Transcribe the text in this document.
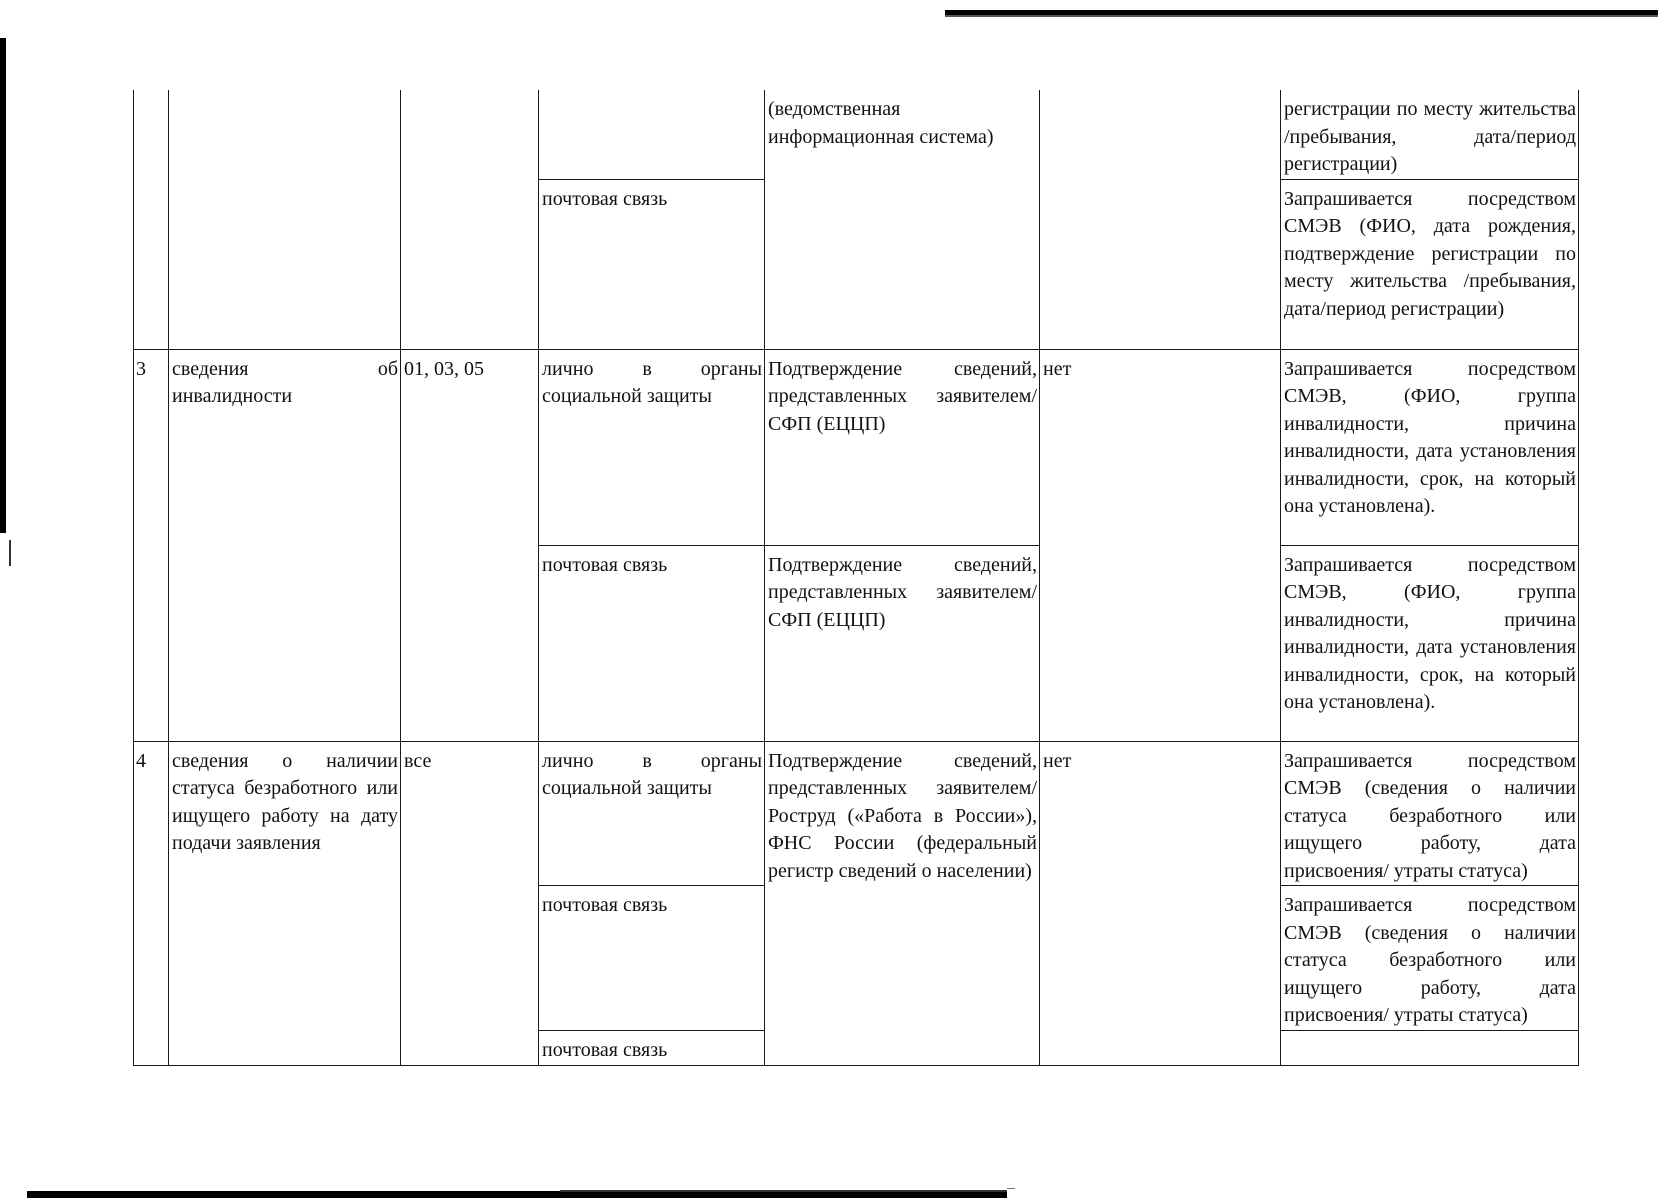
				(ведомственная информационная система)		регистрации по месту жительства /пребывания, дата/период регистрации)
			почтовая связь			Запрашивается посредством СМЭВ (ФИО, дата рождения, подтверждение регистрации по месту жительства /пребывания, дата/период регистрации)
3	сведения об инвалидности	01, 03, 05	лично в органы социальной защиты	Подтверждение сведений, представленных заявителем/ СФП (ЕЦЦП)	нет	Запрашивается посредством СМЭВ, (ФИО, группа инвалидности, причина инвалидности, дата установления инвалидности, срок, на который она установлена).
			почтовая связь	Подтверждение сведений, представленных заявителем/ СФП (ЕЦЦП)		Запрашивается посредством СМЭВ, (ФИО, группа инвалидности, причина инвалидности, дата установления инвалидности, срок, на который она установлена).
4	сведения о наличии статуса безработного или ищущего работу на дату подачи заявления	все	лично в органы социальной защиты	Подтверждение сведений, представленных заявителем/ Роструд («Работа в России»), ФНС России (федеральный регистр сведений о населении)	нет	Запрашивается посредством СМЭВ (сведения о наличии статуса безработного или ищущего работу, дата присвоения/ утраты статуса)
			почтовая связь			Запрашивается посредством СМЭВ (сведения о наличии статуса безработного или ищущего работу, дата присвоения/ утраты статуса)
			почтовая связь			
